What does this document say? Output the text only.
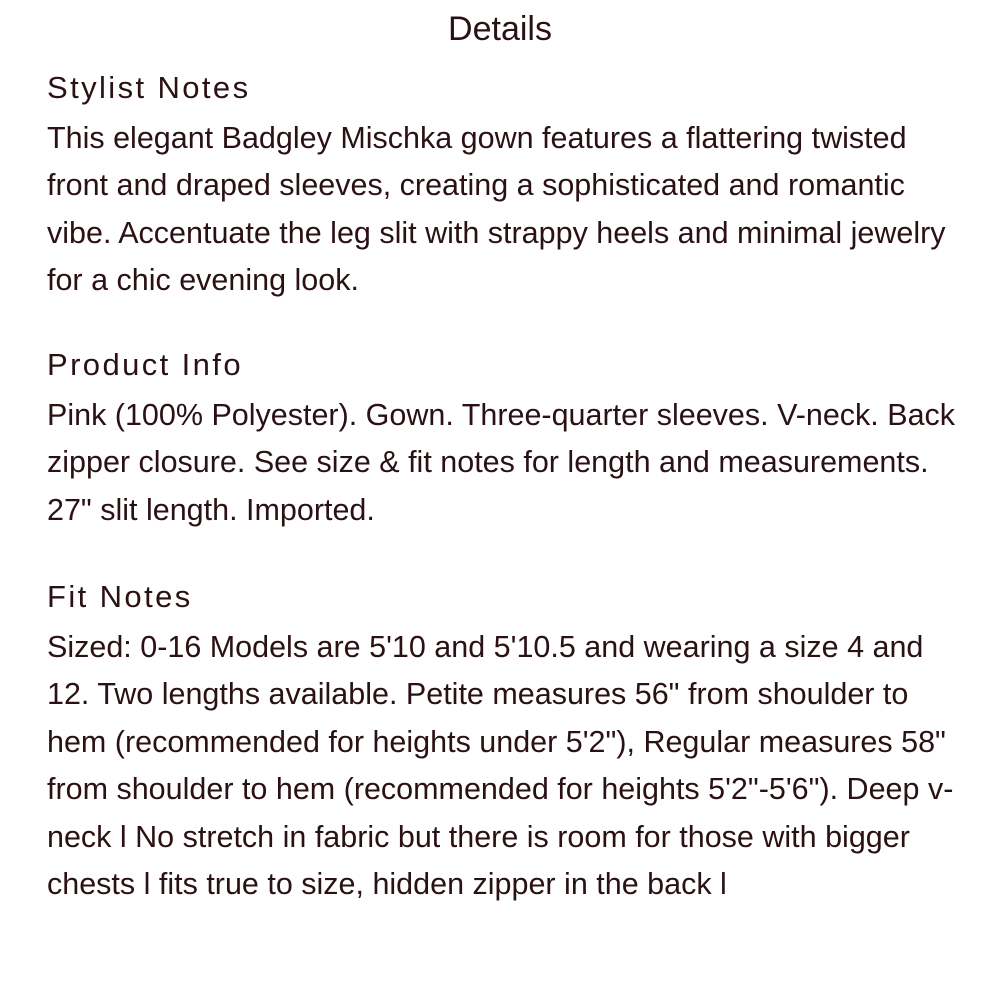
Details
Stylist Notes

This elegant Badgley Mischka gown features a flattering twisted front and draped sleeves, creating a sophisticated and romantic vibe. Accentuate the leg slit with strappy heels and minimal jewelry for a chic evening look.

Product Info

Pink (100% Polyester). Gown. Three-quarter sleeves. V-neck. Back zipper closure. See size & fit notes for length and measurements. 27" slit length. Imported.

Fit Notes

Sized: 0-16 Models are 5'10 and 5'10.5 and wearing a size 4 and 12. Two lengths available. Petite measures 56" from shoulder to hem (recommended for heights under 5'2"), Regular measures 58" from shoulder to hem (recommended for heights 5'2"-5'6"). Deep v-neck l No stretch in fabric but there is room for those with bigger chests l fits true to size, hidden zipper in the back l
